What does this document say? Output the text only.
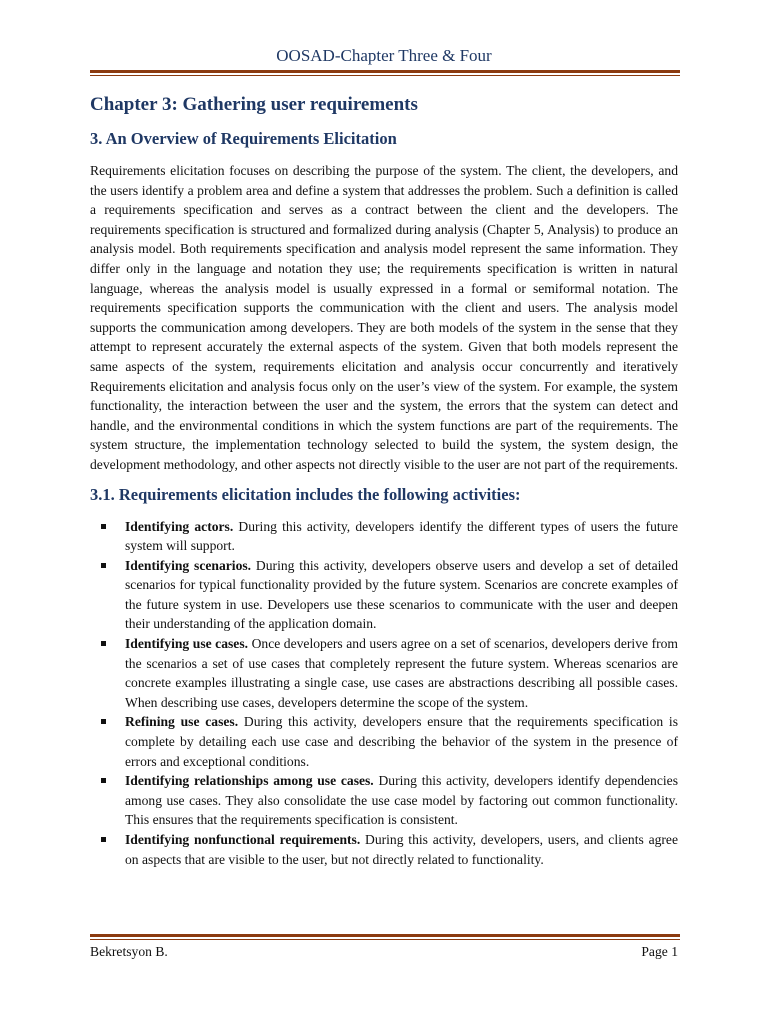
OOSAD-Chapter Three & Four
Chapter 3: Gathering user requirements
3. An Overview of Requirements Elicitation

Requirements elicitation focuses on describing the purpose of the system. The client, the developers, and the users identify a problem area and define a system that addresses the problem. Such a definition is called a requirements specification and serves as a contract between the client and the developers. The requirements specification is structured and formalized during analysis (Chapter 5, Analysis) to produce an analysis model. Both requirements specification and analysis model represent the same information. They differ only in the language and notation they use; the requirements specification is written in natural language, whereas the analysis model is usually expressed in a formal or semiformal notation. The requirements specification supports the communication with the client and users. The analysis model supports the communication among developers. They are both models of the system in the sense that they attempt to represent accurately the external aspects of the system. Given that both models represent the same aspects of the system, requirements elicitation and analysis occur concurrently and iteratively Requirements elicitation and analysis focus only on the user’s view of the system. For example, the system functionality, the interaction between the user and the system, the errors that the system can detect and handle, and the environmental conditions in which the system functions are part of the requirements. The system structure, the implementation technology selected to build the system, the system design, the development methodology, and other aspects not directly visible to the user are not part of the requirements.

3.1. Requirements elicitation includes the following activities:
Identifying actors. During this activity, developers identify the different types of users the future system will support.
Identifying scenarios. During this activity, developers observe users and develop a set of detailed scenarios for typical functionality provided by the future system. Scenarios are concrete examples of the future system in use. Developers use these scenarios to communicate with the user and deepen their understanding of the application domain.
Identifying use cases. Once developers and users agree on a set of scenarios, developers derive from the scenarios a set of use cases that completely represent the future system. Whereas scenarios are concrete examples illustrating a single case, use cases are abstractions describing all possible cases. When describing use cases, developers determine the scope of the system.
Refining use cases. During this activity, developers ensure that the requirements specification is complete by detailing each use case and describing the behavior of the system in the presence of errors and exceptional conditions.
Identifying relationships among use cases. During this activity, developers identify dependencies among use cases. They also consolidate the use case model by factoring out common functionality. This ensures that the requirements specification is consistent.
Identifying nonfunctional requirements. During this activity, developers, users, and clients agree on aspects that are visible to the user, but not directly related to functionality.
Bekretsyon B.	Page 1
